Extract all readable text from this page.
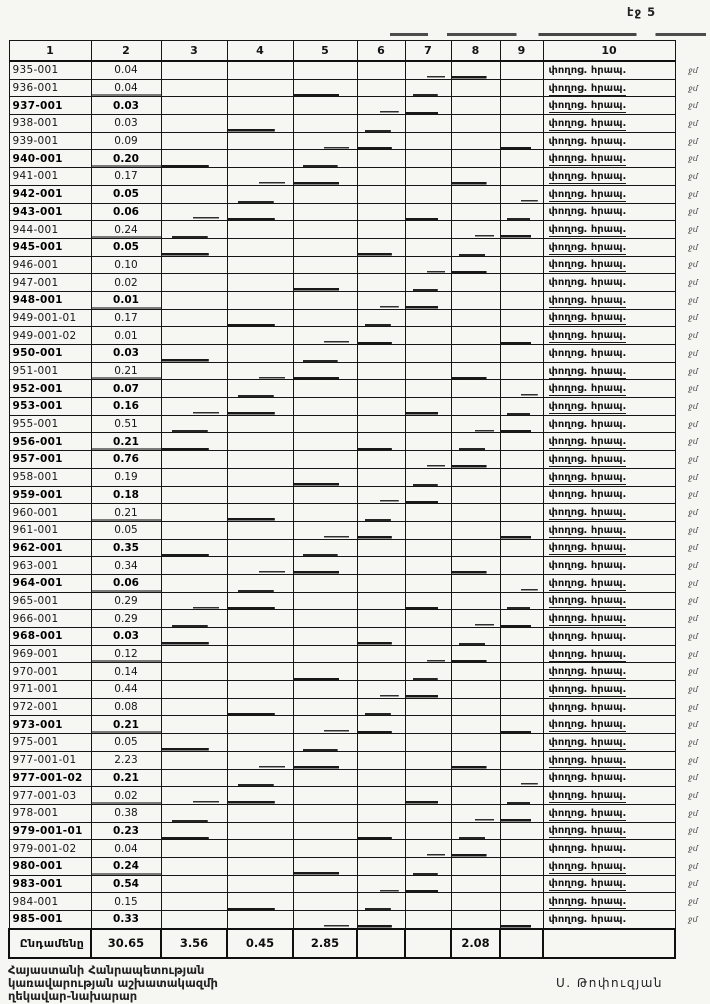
էջ 5
1	2	3	4	5	6	7	8	9	10	
935-001	0.04								փողոց. հրապ.	ջմ
936-001	0.04								փողոց. հրապ.	ջմ
937-001	0.03								փողոց. հրապ.	ջմ
938-001	0.03								փողոց. հրապ.	ջմ
939-001	0.09								փողոց. հրապ.	ջմ
940-001	0.20								փողոց. հրապ.	ջմ
941-001	0.17								փողոց. հրապ.	ջմ
942-001	0.05								փողոց. հրապ.	ջմ
943-001	0.06								փողոց. հրապ.	ջմ
944-001	0.24								փողոց. հրապ.	ջմ
945-001	0.05								փողոց. հրապ.	ջմ
946-001	0.10								փողոց. հրապ.	ջմ
947-001	0.02								փողոց. հրապ.	ջմ
948-001	0.01								փողոց. հրապ.	ջմ
949-001-01	0.17								փողոց. հրապ.	ջմ
949-001-02	0.01								փողոց. հրապ.	ջմ
950-001	0.03								փողոց. հրապ.	ջմ
951-001	0.21								փողոց. հրապ.	ջմ
952-001	0.07								փողոց. հրապ.	ջմ
953-001	0.16								փողոց. հրապ.	ջմ
955-001	0.51								փողոց. հրապ.	ջմ
956-001	0.21								փողոց. հրապ.	ջմ
957-001	0.76								փողոց. հրապ.	ջմ
958-001	0.19								փողոց. հրապ.	ջմ
959-001	0.18								փողոց. հրապ.	ջմ
960-001	0.21								փողոց. հրապ.	ջմ
961-001	0.05								փողոց. հրապ.	ջմ
962-001	0.35								փողոց. հրապ.	ջմ
963-001	0.34								փողոց. հրապ.	ջմ
964-001	0.06								փողոց. հրապ.	ջմ
965-001	0.29								փողոց. հրապ.	ջմ
966-001	0.29								փողոց. հրապ.	ջմ
968-001	0.03								փողոց. հրապ.	ջմ
969-001	0.12								փողոց. հրապ.	ջմ
970-001	0.14								փողոց. հրապ.	ջմ
971-001	0.44								փողոց. հրապ.	ջմ
972-001	0.08								փողոց. հրապ.	ջմ
973-001	0.21								փողոց. հրապ.	ջմ
975-001	0.05								փողոց. հրապ.	ջմ
977-001-01	2.23								փողոց. հրապ.	ջմ
977-001-02	0.21								փողոց. հրապ.	ջմ
977-001-03	0.02								փողոց. հրապ.	ջմ
978-001	0.38								փողոց. հրապ.	ջմ
979-001-01	0.23								փողոց. հրապ.	ջմ
979-001-02	0.04								փողոց. հրապ.	ջմ
980-001	0.24								փողոց. հրապ.	ջմ
983-001	0.54								փողոց. հրապ.	ջմ
984-001	0.15								փողոց. հրապ.	ջմ
985-001	0.33								փողոց. հրապ.	ջմ
Ընդամենը	30.65	3.56	0.45	2.85			2.08			
Հայաստանի Հանրապետության
կառավարության աշխատակազմի
ղեկավար-նախարար
Ս. Թոփուզյան
